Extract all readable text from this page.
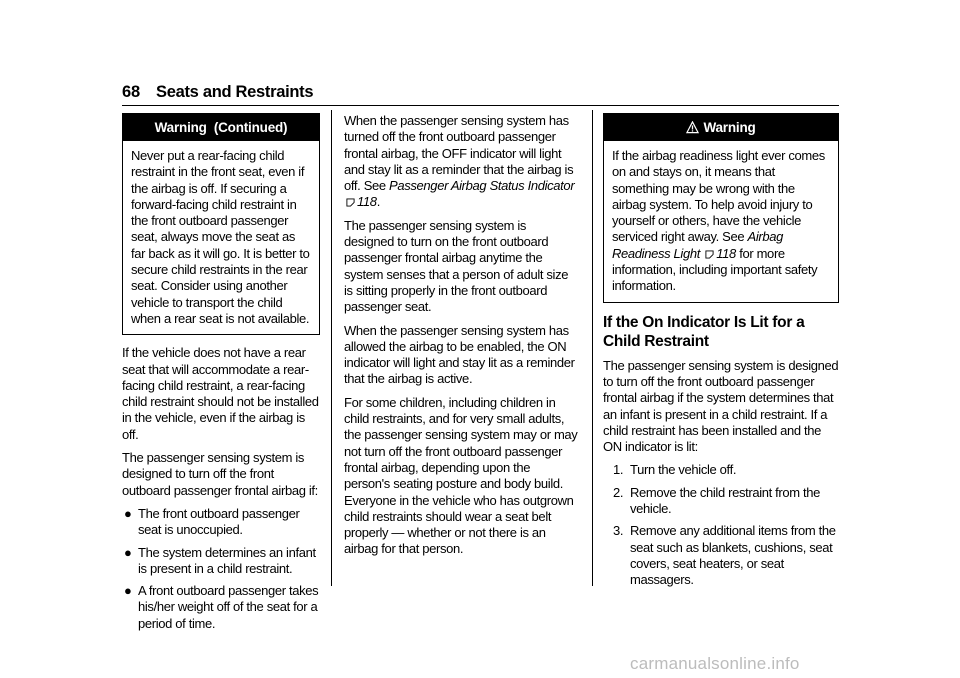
68 Seats and Restraints
Warning  (Continued)
Never put a rear-facing child restraint in the front seat, even if the airbag is off. If securing a forward-facing child restraint in the front outboard passenger seat, always move the seat as far back as it will go. It is better to secure child restraints in the rear seat. Consider using another vehicle to transport the child when a rear seat is not available.

If the vehicle does not have a rear seat that will accommodate a rear-facing child restraint, a rear-facing child restraint should not be installed in the vehicle, even if the airbag is off.

The passenger sensing system is designed to turn off the front outboard passenger frontal airbag if:

● The front outboard passenger seat is unoccupied.
● The system determines an infant is present in a child restraint.
● A front outboard passenger takes his/her weight off of the seat for a period of time.

When the passenger sensing system has turned off the front outboard passenger frontal airbag, the OFF indicator will light and stay lit as a reminder that the airbag is off. See Passenger Airbag Status Indicator
118.

The passenger sensing system is designed to turn on the front outboard passenger frontal airbag anytime the system senses that a person of adult size is sitting properly in the front outboard passenger seat.

When the passenger sensing system has allowed the airbag to be enabled, the ON indicator will light and stay lit as a reminder that the airbag is active.

For some children, including children in child restraints, and for very small adults, the passenger sensing system may or may not turn off the front outboard passenger frontal airbag, depending upon the person's seating posture and body build. Everyone in the vehicle who has outgrown child restraints should wear a seat belt properly — whether or not there is an airbag for that person.

Warning
If the airbag readiness light ever comes on and stays on, it means that something may be wrong with the airbag system. To help avoid injury to yourself or others, have the vehicle serviced right away. See Airbag Readiness Light 118 for more information, including important safety information.
If the On Indicator Is Lit for a Child Restraint

The passenger sensing system is designed to turn off the front outboard passenger frontal airbag if the system determines that an infant is present in a child restraint. If a child restraint has been installed and the ON indicator is lit:

1. Turn the vehicle off.
2. Remove the child restraint from the vehicle.
3. Remove any additional items from the seat such as blankets, cushions, seat covers, seat heaters, or seat massagers.
carmanualsonline.info
